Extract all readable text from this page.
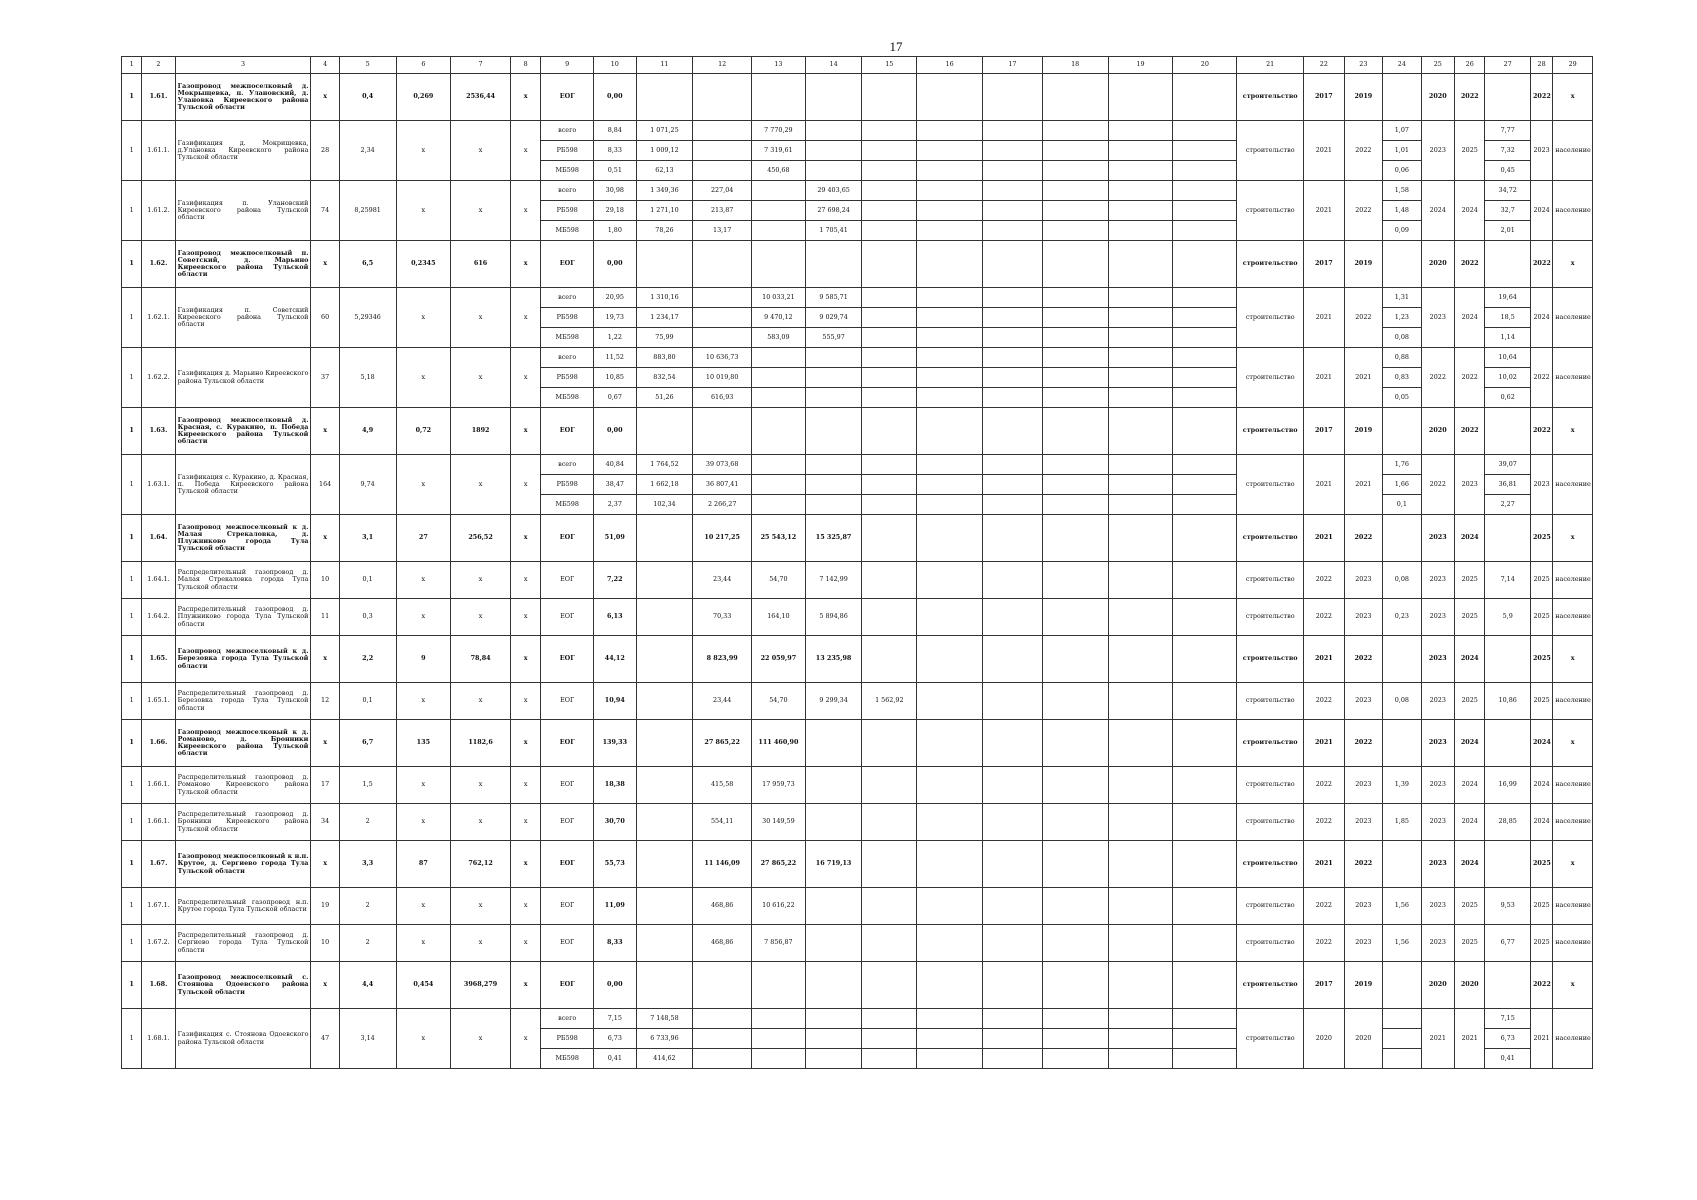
17
1	2	3	4	5	6	7	8	9	10	11	12	13	14	15	16	17	18	19	20	21	22	23	24	25	26	27	28	29
1	1.61.	Газопровод межпоселковый д. Мокрыщевка, п. Улановский, д. Улановка Киреевского района Тульской области	x	0,4	0,269	2536,44	x	ЕОГ	0,00											строительство	2017	2019		2020	2022		2022	x
1	1.61.1.	Газификация д. Мокрищевка, д.Улановка Киреевского района Тульской области	28	2,34	x	x	x	всего	8,84	1 071,25		7 770,29								строительство	2021	2022	1,07	2023	2025	7,77	2023	население
								РБ598	8,33	1 009,12		7 319,61											1,01			7,32		
								МБ598	0,51	62,13		450,68											0,06			0,45		
1	1.61.2.	Газификация п. Улановский Киреевского района Тульской области	74	8,25981	x	x	x	всего	30,98	1 349,36	227,04		29 403,65							строительство	2021	2022	1,58	2024	2024	34,72	2024	население
								РБ598	29,18	1 271,10	213,87		27 698,24										1,48			32,7		
								МБ598	1,80	78,26	13,17		1 705,41										0,09			2,01		
1	1.62.	Газопровод межпоселковый п. Советский, д. Марьино Киреевского района Тульской области	x	6,5	0,2345	616	x	ЕОГ	0,00											строительство	2017	2019		2020	2022		2022	x
1	1.62.1.	Газификация п. Советский Киреевского района Тульской области	60	5,29346	x	x	x	всего	20,95	1 310,16		10 033,21	9 585,71							строительство	2021	2022	1,31	2023	2024	19,64	2024	население
								РБ598	19,73	1 234,17		9 470,12	9 029,74										1,23			18,5		
								МБ598	1,22	75,99		583,09	555,97										0,08			1,14		
1	1.62.2.	Газификация д. Марьино Киреевского района Тульской области	37	5,18	x	x	x	всего	11,52	883,80	10 636,73									строительство	2021	2021	0,88	2022	2022	10,64	2022	население
								РБ598	10,85	832,54	10 019,80												0,83			10,02		
								МБ598	0,67	51,26	616,93												0,05			0,62		
1	1.63.	Газопровод межпоселковый д. Красная, с. Куракино, п. Победа Киреевского района Тульской области	x	4,9	0,72	1892	x	ЕОГ	0,00											строительство	2017	2019		2020	2022		2022	x
1	1.63.1.	Газификация с. Куракино, д. Красная, п. Победа Киреевского района Тульской области	164	9,74	x	x	x	всего	40,84	1 764,52	39 073,68									строительство	2021	2021	1,76	2022	2023	39,07	2023	население
								РБ598	38,47	1 662,18	36 807,41												1,66			36,81		
								МБ598	2,37	102,34	2 266,27												0,1			2,27		
1	1.64.	Газопровод межпоселковый к д. Малая Стрекаловка, д. Плужниково города Тула Тульской области	x	3,1	27	256,52	x	ЕОГ	51,09		10 217,25	25 543,12	15 325,87							строительство	2021	2022		2023	2024		2025	x
1	1.64.1.	Распределительный газопровод д. Малая Стрекаловка города Тула Тульской области	10	0,1	x	x	x	ЕОГ	7,22		23,44	54,70	7 142,99							строительство	2022	2023	0,08	2023	2025	7,14	2025	население
1	1.64.2.	Распределительный газопровод д. Плужниково города Тула Тульской области	11	0,3	x	x	x	ЕОГ	6,13		70,33	164,10	5 894,86							строительство	2022	2023	0,23	2023	2025	5,9	2025	население
1	1.65.	Газопровод межпоселковый к д. Березовка города Тула Тульской области	x	2,2	9	78,84	x	ЕОГ	44,12		8 823,99	22 059,97	13 235,98							строительство	2021	2022		2023	2024		2025	x
1	1.65.1.	Распределительный газопровод д. Березовка города Тула Тульской области	12	0,1	x	x	x	ЕОГ	10,94		23,44	54,70	9 299,34	1 562,92						строительство	2022	2023	0,08	2023	2025	10,86	2025	население
1	1.66.	Газопровод межпоселковый к д. Романово, д. Бронники Киреевского района Тульской области	x	6,7	135	1182,6	x	ЕОГ	139,33		27 865,22	111 460,90								строительство	2021	2022		2023	2024		2024	x
1	1.66.1.	Распределительный газопровод д. Романово Киреевского района Тульской области	17	1,5	x	x	x	ЕОГ	18,38		415,58	17 959,73								строительство	2022	2023	1,39	2023	2024	16,99	2024	население
1	1.66.1.	Распределительный газопровод д. Бронники Киреевского района Тульской области	34	2	x	x	x	ЕОГ	30,70		554,11	30 149,59								строительство	2022	2023	1,85	2023	2024	28,85	2024	население
1	1.67.	Газопровод межпоселковый к н.п. Крутое, д. Сергиево города Тула Тульской области	x	3,3	87	762,12	x	ЕОГ	55,73		11 146,09	27 865,22	16 719,13							строительство	2021	2022		2023	2024		2025	x
1	1.67.1.	Распределительный газопровод н.п. Крутое города Тула Тульской области	19	2	x	x	x	ЕОГ	11,09		468,86	10 616,22								строительство	2022	2023	1,56	2023	2025	9,53	2025	население
1	1.67.2.	Распределительный газопровод д. Сергиево города Тула Тульской области	10	2	x	x	x	ЕОГ	8,33		468,86	7 856,87								строительство	2022	2023	1,56	2023	2025	6,77	2025	население
1	1.68.	Газопровод межпоселковый с. Стоянова Одоевского района Тульской области	x	4,4	0,454	3968,279	x	ЕОГ	0,00											строительство	2017	2019		2020	2020		2022	x
1	1.68.1.	Газификация с. Стоянова Одоевского района Тульской области	47	3,14	x	x	x	всего	7,15	7 148,58										строительство	2020	2020		2021	2021	7,15	2021	население
								РБ598	6,73	6 733,96																6,73		
								МБ598	0,41	414,62																0,41		
